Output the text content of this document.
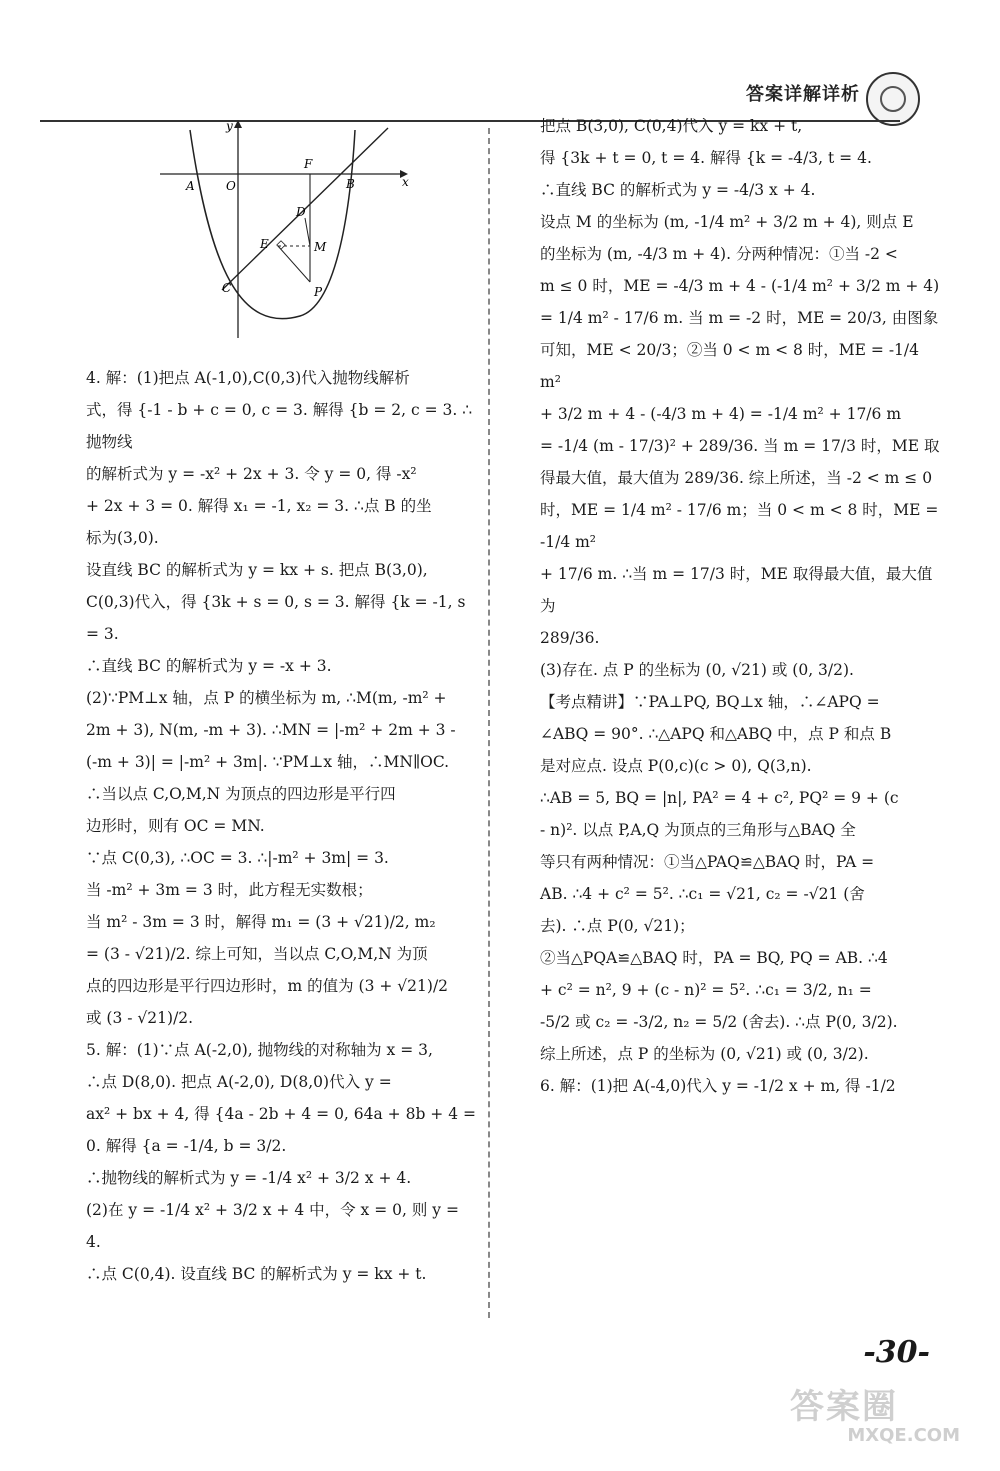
答案详解详析
y
x
A	O
F
B
D
E	M
C	P

4. 解：(1)把点 A(-1,0),C(0,3)代入抛物线解析

式，得 {-1 - b + c = 0, c = 3. 解得 {b = 2, c = 3. ∴抛物线

的解析式为 y = -x² + 2x + 3. 令 y = 0, 得 -x²

+ 2x + 3 = 0. 解得 x₁ = -1, x₂ = 3. ∴点 B 的坐

标为(3,0).

设直线 BC 的解析式为 y = kx + s. 把点 B(3,0),

C(0,3)代入，得 {3k + s = 0, s = 3. 解得 {k = -1, s = 3.

∴直线 BC 的解析式为 y = -x + 3.

(2)∵PM⊥x 轴，点 P 的横坐标为 m, ∴M(m, -m² +

2m + 3), N(m, -m + 3). ∴MN = |-m² + 2m + 3 -

(-m + 3)| = |-m² + 3m|. ∵PM⊥x 轴，∴MN∥OC.

∴当以点 C,O,M,N 为顶点的四边形是平行四

边形时，则有 OC = MN.

∵点 C(0,3), ∴OC = 3. ∴|-m² + 3m| = 3.

当 -m² + 3m = 3 时，此方程无实数根；

当 m² - 3m = 3 时，解得 m₁ = (3 + √21)/2, m₂

= (3 - √21)/2. 综上可知，当以点 C,O,M,N 为顶

点的四边形是平行四边形时，m 的值为 (3 + √21)/2

或 (3 - √21)/2.

5. 解：(1)∵点 A(-2,0), 抛物线的对称轴为 x = 3,

∴点 D(8,0). 把点 A(-2,0), D(8,0)代入 y =

ax² + bx + 4, 得 {4a - 2b + 4 = 0, 64a + 8b + 4 = 0. 解得 {a = -1/4, b = 3/2.

∴抛物线的解析式为 y = -1/4 x² + 3/2 x + 4.

(2)在 y = -1/4 x² + 3/2 x + 4 中，令 x = 0, 则 y = 4.

∴点 C(0,4). 设直线 BC 的解析式为 y = kx + t.

把点 B(3,0), C(0,4)代入 y = kx + t,

得 {3k + t = 0, t = 4. 解得 {k = -4/3, t = 4.

∴直线 BC 的解析式为 y = -4/3 x + 4.

设点 M 的坐标为 (m, -1/4 m² + 3/2 m + 4), 则点 E

的坐标为 (m, -4/3 m + 4). 分两种情况：①当 -2 <

m ≤ 0 时，ME = -4/3 m + 4 - (-1/4 m² + 3/2 m + 4)

= 1/4 m² - 17/6 m. 当 m = -2 时，ME = 20/3, 由图象

可知，ME < 20/3；②当 0 < m < 8 时，ME = -1/4 m²

+ 3/2 m + 4 - (-4/3 m + 4) = -1/4 m² + 17/6 m

= -1/4 (m - 17/3)² + 289/36. 当 m = 17/3 时，ME 取

得最大值，最大值为 289/36. 综上所述，当 -2 < m ≤ 0

时，ME = 1/4 m² - 17/6 m；当 0 < m < 8 时，ME = -1/4 m²

+ 17/6 m. ∴当 m = 17/3 时，ME 取得最大值，最大值为

289/36.

(3)存在. 点 P 的坐标为 (0, √21) 或 (0, 3/2).

【考点精讲】∵PA⊥PQ, BQ⊥x 轴，∴∠APQ =

∠ABQ = 90°. ∴△APQ 和△ABQ 中，点 P 和点 B

是对应点. 设点 P(0,c)(c > 0), Q(3,n).

∴AB = 5, BQ = |n|, PA² = 4 + c², PQ² = 9 + (c

- n)². 以点 P,A,Q 为顶点的三角形与△BAQ 全

等只有两种情况：①当△PAQ≌△BAQ 时，PA =

AB. ∴4 + c² = 5². ∴c₁ = √21, c₂ = -√21 (舍

去). ∴点 P(0, √21)；

②当△PQA≌△BAQ 时，PA = BQ, PQ = AB. ∴4

+ c² = n², 9 + (c - n)² = 5². ∴c₁ = 3/2, n₁ =

-5/2 或 c₂ = -3/2, n₂ = 5/2 (舍去). ∴点 P(0, 3/2).

综上所述，点 P 的坐标为 (0, √21) 或 (0, 3/2).

6. 解：(1)把 A(-4,0)代入 y = -1/2 x + m, 得 -1/2

-30-
答案圈
MXQE.COM
